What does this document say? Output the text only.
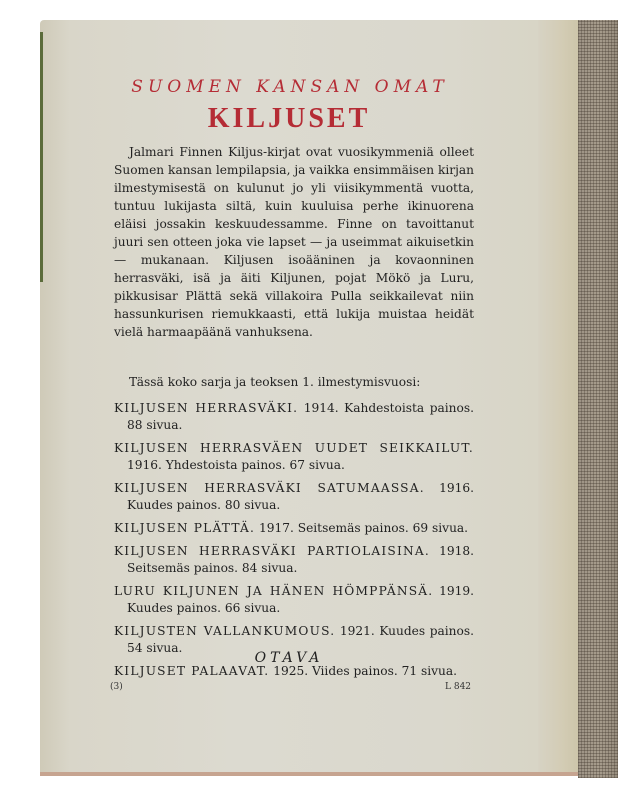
SUOMEN KANSAN OMAT
KILJUSET

Jalmari Finnen Kiljus-kirjat ovat vuosikymmeniä olleet Suomen kansan lempilapsia, ja vaikka ensimmäisen kirjan ilmestymisestä on kulunut jo yli viisikymmentä vuotta, tuntuu lukijasta siltä, kuin kuuluisa perhe ikinuorena eläisi jossakin keskuudessamme. Finne on tavoittanut juuri sen otteen joka vie lapset — ja useimmat aikuisetkin — mukanaan. Kiljusen isoääninen ja kovaonninen herrasväki, isä ja äiti Kiljunen, pojat Mökö ja Luru, pikkusisar Plättä sekä villakoira Pulla seikkailevat niin hassunkurisen riemukkaasti, että lukija muistaa heidät vielä harmaapäänä vanhuksena.

Tässä koko sarja ja teoksen 1. ilmestymisvuosi:
KILJUSEN HERRASVÄKI. 1914. Kahdestoista painos. 88 sivua.
KILJUSEN HERRASVÄEN UUDET SEIKKAILUT. 1916. Yhdestoista painos. 67 sivua.
KILJUSEN HERRASVÄKI SATUMAASSA. 1916. Kuudes painos. 80 sivua.
KILJUSEN PLÄTTÄ. 1917. Seitsemäs painos. 69 sivua.
KILJUSEN HERRASVÄKI PARTIOLAISINA. 1918. Seitsemäs painos. 84 sivua.
LURU KILJUNEN JA HÄNEN HÖMPPÄNSÄ. 1919. Kuudes painos. 66 sivua.
KILJUSTEN VALLANKUMOUS. 1921. Kuudes painos. 54 sivua.
KILJUSET PALAAVAT. 1925. Viides painos. 71 sivua.
OTAVA
(3)	L 842
